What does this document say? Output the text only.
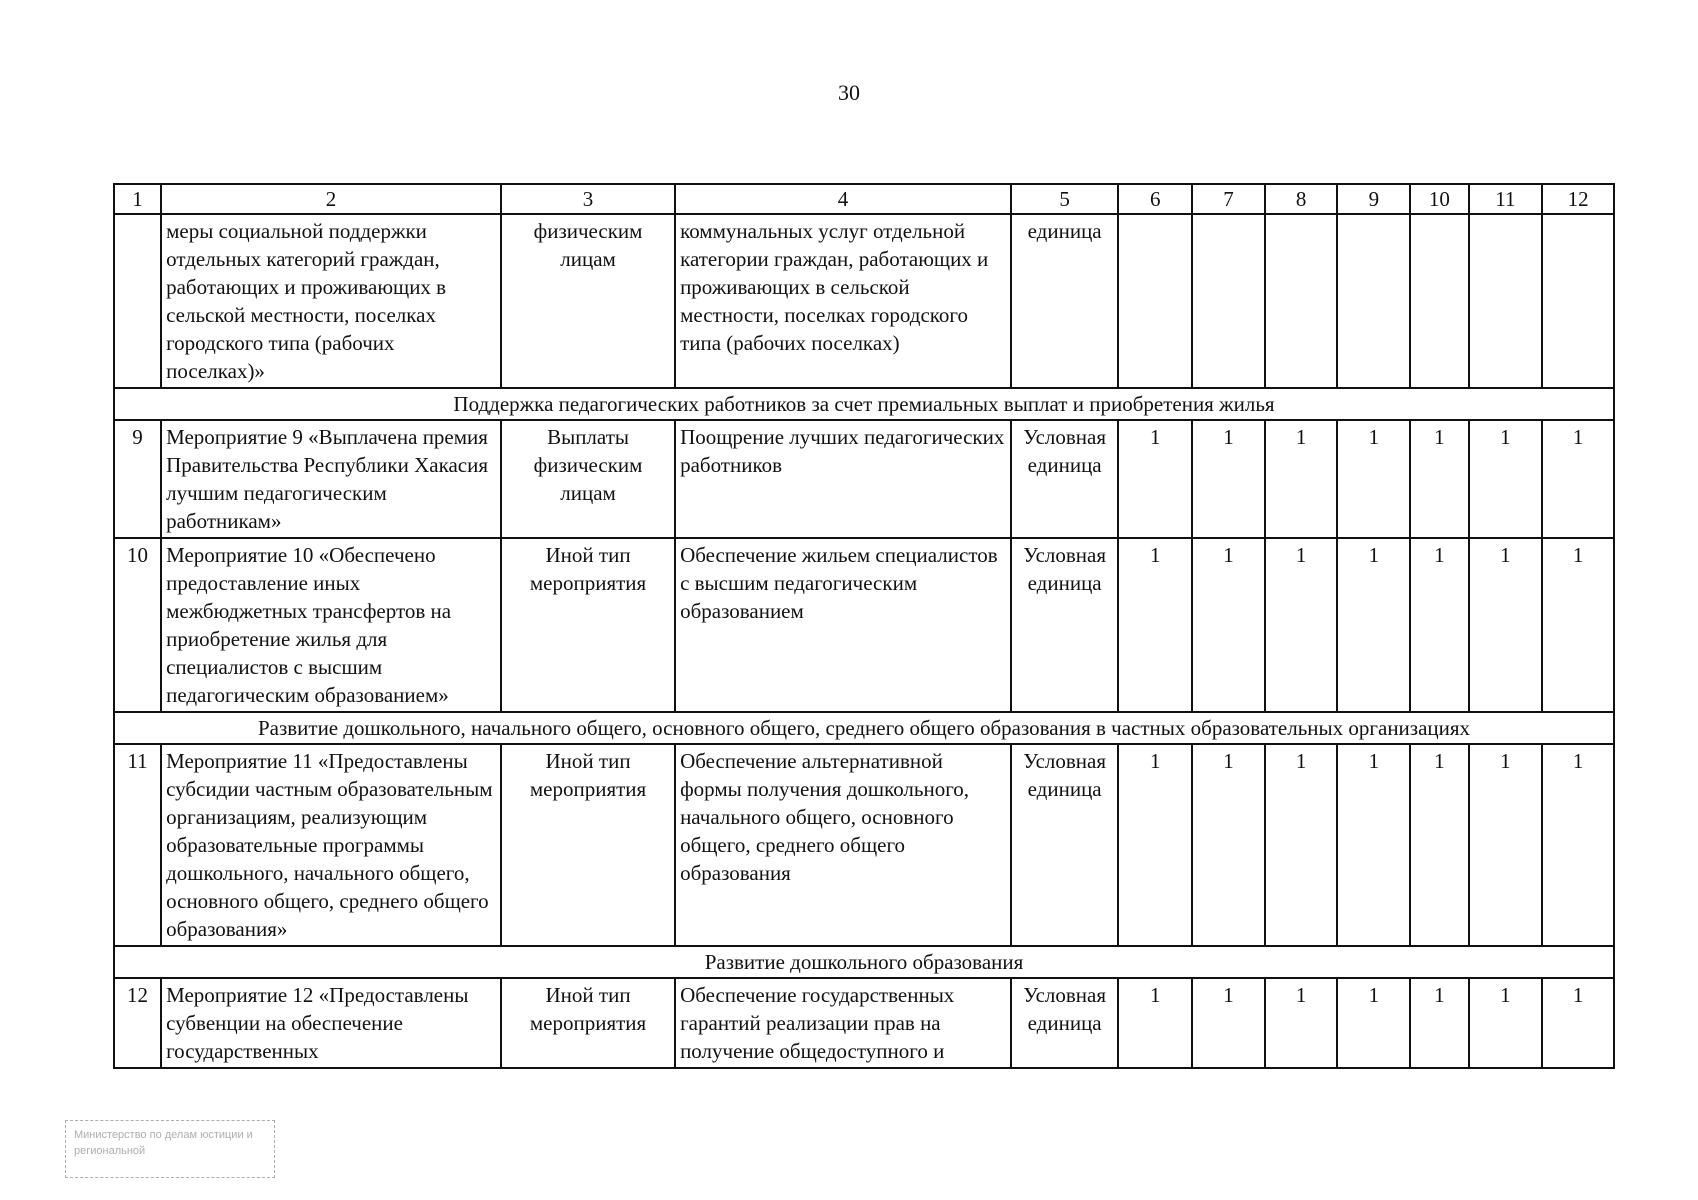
30
1	2	3	4	5	6	7	8	9	10	11	12
	меры социальной поддержки отдельных категорий граждан, работающих и проживающих в сельской местности, поселках городского типа (рабочих поселках)»	физическим лицам	коммунальных услуг отдельной категории граждан, работающих и проживающих в сельской местности, поселках городского типа (рабочих поселках)	единица							
Поддержка педагогических работников за счет премиальных выплат и приобретения жилья											
9	Мероприятие 9 «Выплачена премия Правительства Республики Хакасия лучшим педагогическим работникам»	Выплаты физическим лицам	Поощрение лучших педагогических работников	Условная единица	1	1	1	1	1	1	1
10	Мероприятие 10 «Обеспечено предоставление иных межбюджетных трансфертов на приобретение жилья для специалистов с высшим педагогическим образованием»	Иной тип мероприятия	Обеспечение жильем специалистов с высшим педагогическим образованием	Условная единица	1	1	1	1	1	1	1
Развитие дошкольного, начального общего, основного общего, среднего общего образования в частных образовательных организациях											
11	Мероприятие 11 «Предоставлены субсидии частным образовательным организациям, реализующим образовательные программы дошкольного, начального общего, основного общего, среднего общего образования»	Иной тип мероприятия	Обеспечение альтернативной формы получения дошкольного, начального общего, основного общего, среднего общего образования	Условная единица	1	1	1	1	1	1	1
Развитие дошкольного образования											
12	Мероприятие 12 «Предоставлены субвенции на обеспечение государственных	Иной тип мероприятия	Обеспечение государственных гарантий реализации прав на получение общедоступного и	Условная единица	1	1	1	1	1	1	1
Министерство по делам юстиции и региональной
